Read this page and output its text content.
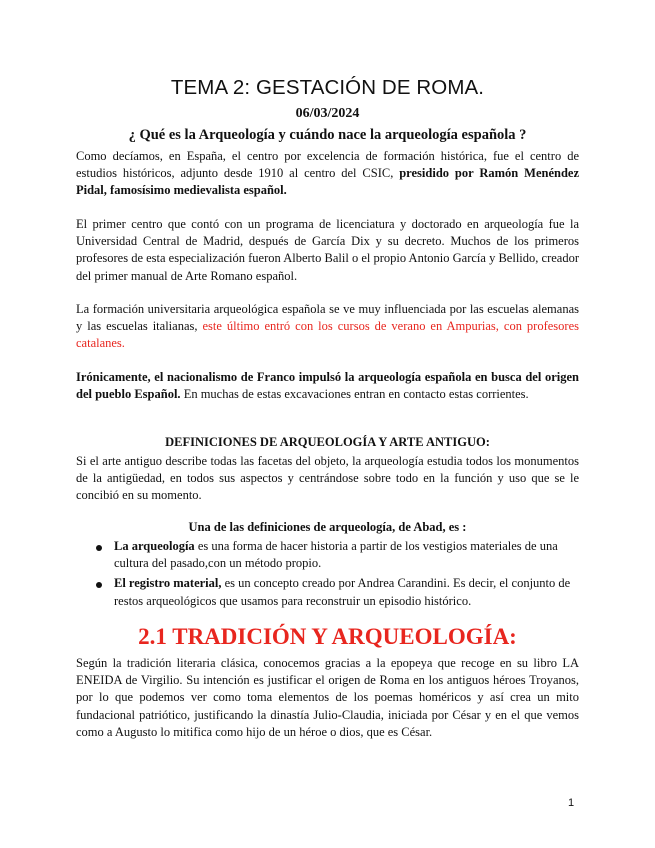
TEMA 2: GESTACIÓN DE ROMA.
06/03/2024
¿ Qué es la Arqueología y cuándo nace la arqueología española ?

Como decíamos, en España, el centro por excelencia de formación histórica, fue el centro de estudios históricos, adjunto desde 1910 al centro del CSIC, presidido por Ramón Menéndez Pidal, famosísimo medievalista español.

El primer centro que contó con un programa de licenciatura y doctorado en arqueología fue la Universidad Central de Madrid, después de García Dix y su decreto. Muchos de los primeros profesores de esta especialización fueron Alberto Balil o el propio Antonio García y Bellido, creador del primer manual de Arte Romano español.

La formación universitaria arqueológica española se ve muy influenciada por las escuelas alemanas y las escuelas italianas, este último entró con los cursos de verano en Ampurias, con profesores catalanes.

Irónicamente, el nacionalismo de Franco impulsó la arqueología española en busca del origen del pueblo Español. En muchas de estas excavaciones entran en contacto estas corrientes.

DEFINICIONES DE ARQUEOLOGÍA Y ARTE ANTIGUO:

Si el arte antiguo describe todas las facetas del objeto, la arqueología estudia todos los monumentos de la antigüedad, en todos sus aspectos y centrándose sobre todo en la función y uso que se le concibió en su momento.

Una de las definiciones de arqueología, de Abad, es :
La arqueología es una forma de hacer historia a partir de los vestigios materiales de una cultura del pasado,con un método propio.
El registro material, es un concepto creado por Andrea Carandini. Es decir, el conjunto de restos arqueológicos que usamos para reconstruir un episodio histórico.
2.1 TRADICIÓN Y ARQUEOLOGÍA:

Según la tradición literaria clásica, conocemos gracias a la epopeya que recoge en su libro LA ENEIDA de Virgilio. Su intención es justificar el origen de Roma en los antiguos héroes Troyanos, por lo que podemos ver como toma elementos de los poemas homéricos y así crea un mito fundacional patriótico, justificando la dinastía Julio-Claudia, iniciada por César y en el que vemos como a Augusto lo mitifica como hijo de un héroe o dios, que es César.

1
